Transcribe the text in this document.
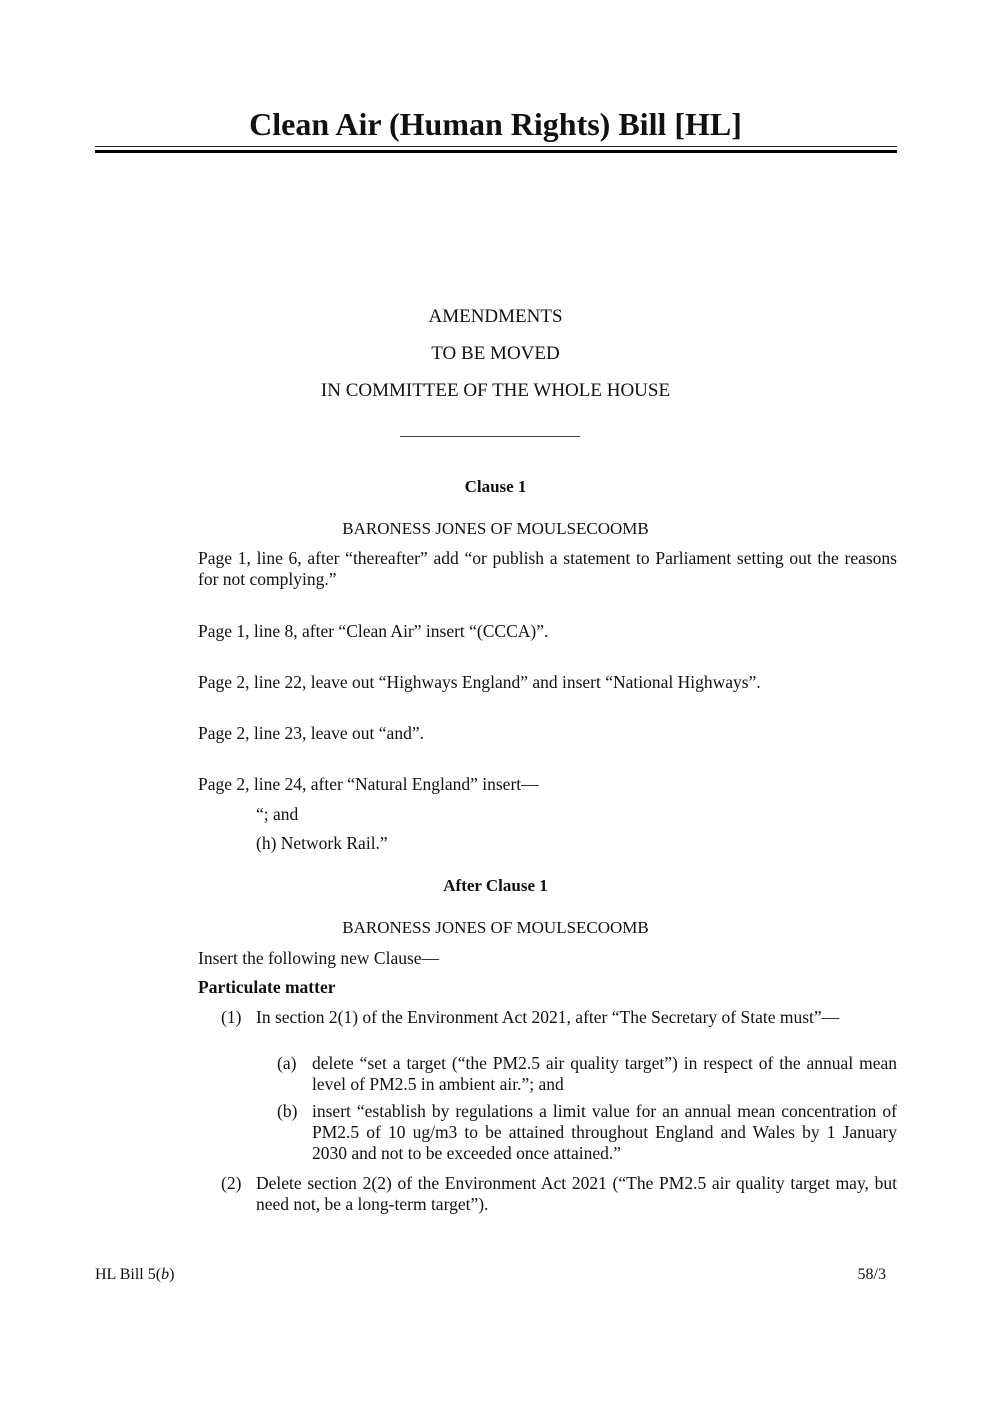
Clean Air (Human Rights) Bill [HL]
AMENDMENTS
TO BE MOVED
IN COMMITTEE OF THE WHOLE HOUSE
Clause 1
BARONESS JONES OF MOULSECOOMB
Page 1, line 6, after “thereafter” add “or publish a statement to Parliament setting out the reasons for not complying.”
Page 1, line 8, after “Clean Air” insert “(CCCA)”.
Page 2, line 22, leave out “Highways England” and insert “National Highways”.
Page 2, line 23, leave out “and”.
Page 2, line 24, after “Natural England” insert—
“; and
(h) Network Rail.”
After Clause 1
BARONESS JONES OF MOULSECOOMB
Insert the following new Clause—
Particulate matter
(1) In section 2(1) of the Environment Act 2021, after “The Secretary of State must”—
(a) delete “set a target (“the PM2.5 air quality target”) in respect of the annual mean level of PM2.5 in ambient air.”; and
(b) insert “establish by regulations a limit value for an annual mean concentration of PM2.5 of 10 ug/m3 to be attained throughout England and Wales by 1 January 2030 and not to be exceeded once attained.”
(2) Delete section 2(2) of the Environment Act 2021 (“The PM2.5 air quality target may, but need not, be a long-term target”).
HL Bill 5(b)	58/3
